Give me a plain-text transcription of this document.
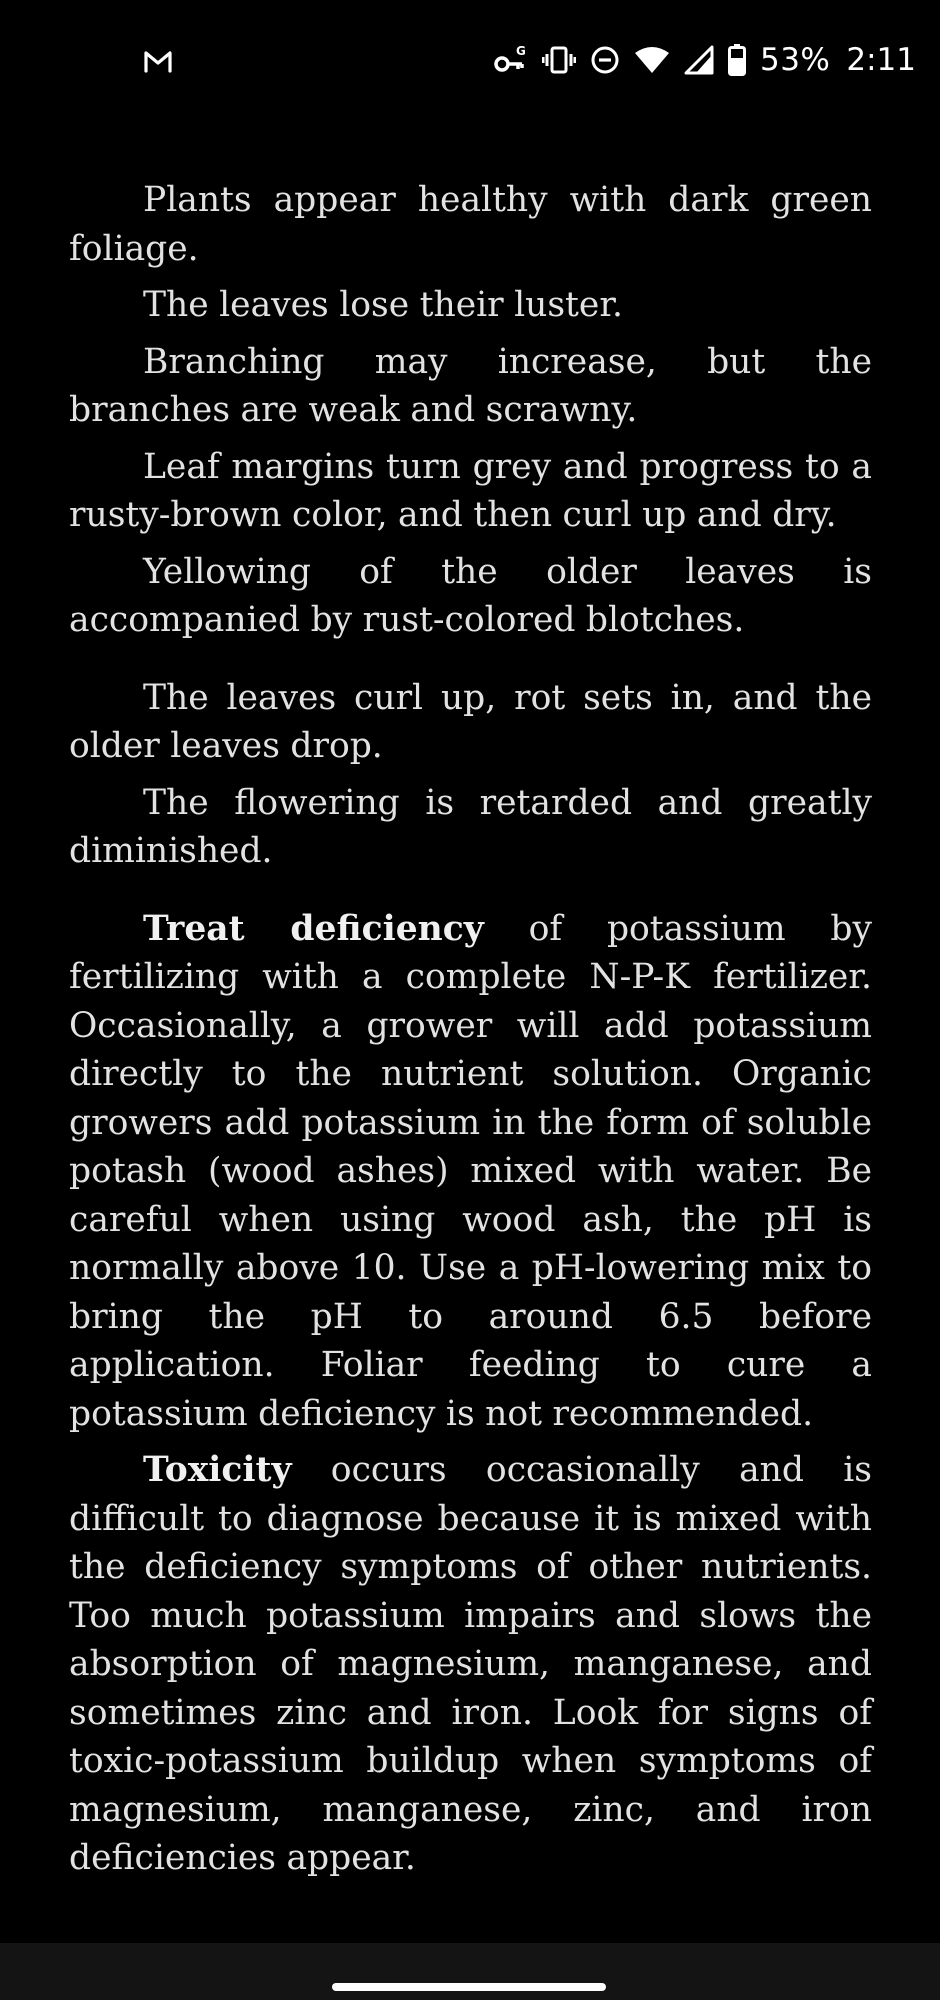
G	53% 2:11

Plants appear healthy with dark green foliage.

The leaves lose their luster.

Branching may increase, but the branches are weak and scrawny.

Leaf margins turn grey and progress to a rusty-brown color, and then curl up and dry.

Yellowing of the older leaves is accompanied by rust-colored blotches.

The leaves curl up, rot sets in, and the older leaves drop.

The flowering is retarded and greatly diminished.

Treat deficiency of potassium by fertilizing with a complete N-P-K fertilizer. Occasionally, a grower will add potassium directly to the nutrient solution. Organic growers add potassium in the form of soluble potash (wood ashes) mixed with water. Be careful when using wood ash, the pH is normally above 10. Use a pH-lowering mix to bring the pH to around 6.5 before application. Foliar feeding to cure a potassium deficiency is not recommended.

Toxicity occurs occasionally and is difficult to diagnose because it is mixed with the deficiency symptoms of other nutrients. Too much potassium impairs and slows the absorption of magnesium, manganese, and sometimes zinc and iron. Look for signs of toxic-potassium buildup when symptoms of magnesium, manganese, zinc, and iron deficiencies appear.
